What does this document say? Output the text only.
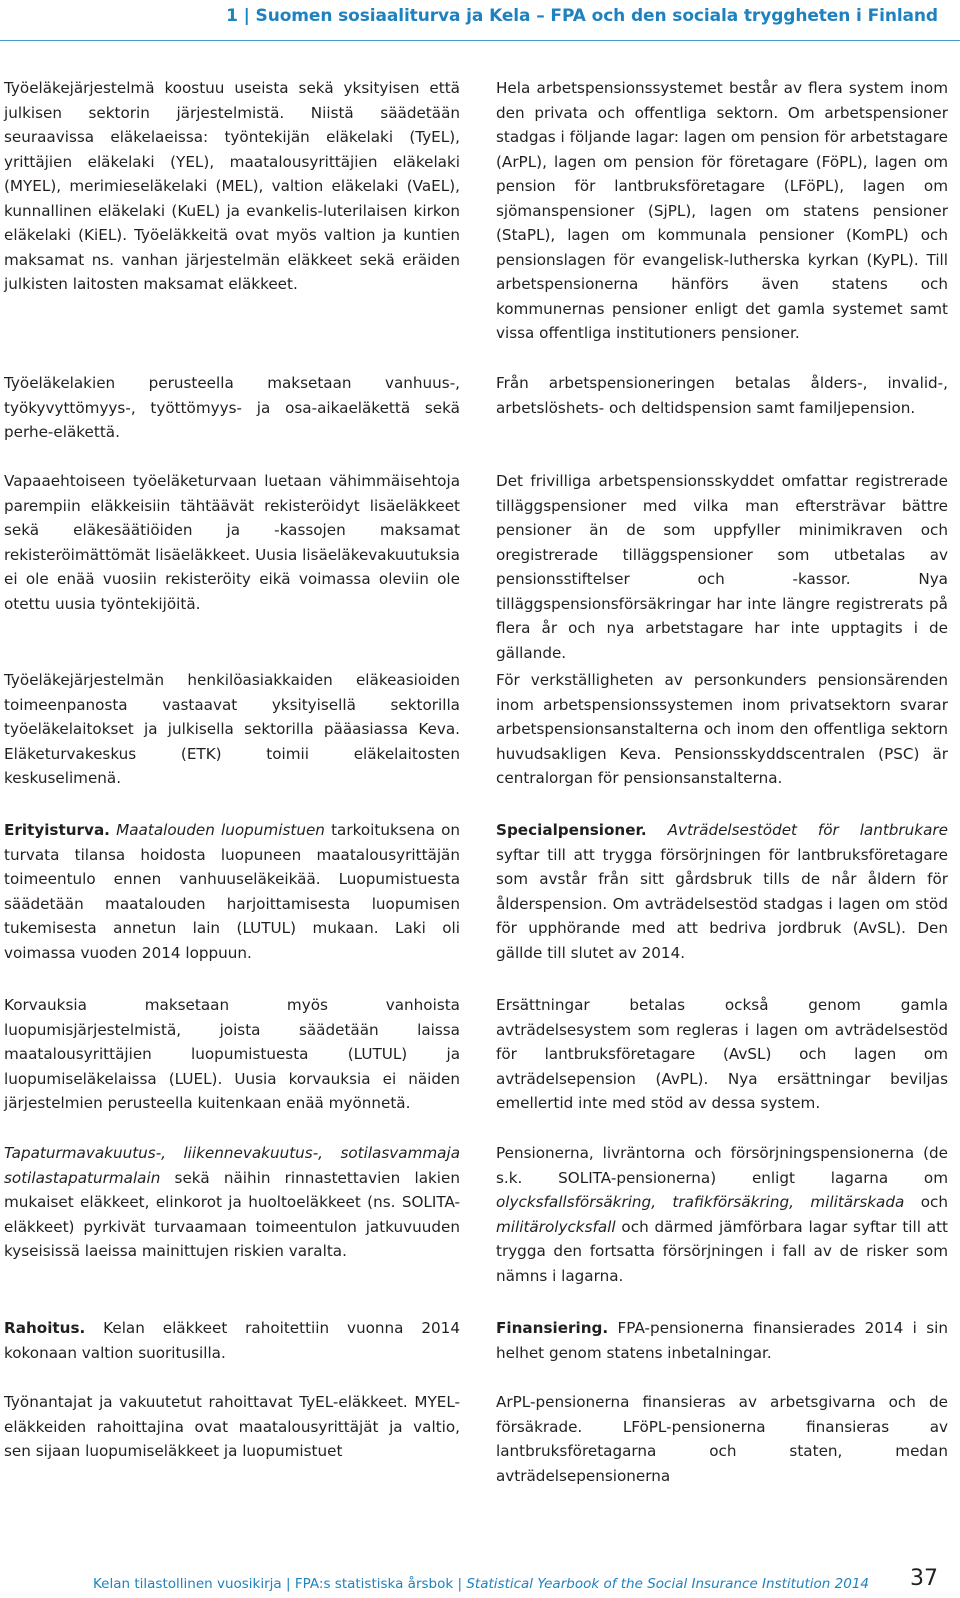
1 | Suomen sosiaaliturva ja Kela – FPA och den sociala tryggheten i Finland
Työeläkejärjestelmä koostuu useista sekä yksityisen että julkisen sektorin järjestelmistä. Niistä säädetään seuraavissa eläkelaeissa: työntekijän eläkelaki (TyEL), yrittäjien eläkelaki (YEL), maatalousyrittäjien eläkelaki (MYEL), merimieseläkelaki (MEL), valtion eläkelaki (VaEL), kunnallinen eläkelaki (KuEL) ja evankelis-luterilaisen kirkon eläkelaki (KiEL). Työeläkkeitä ovat myös valtion ja kuntien maksamat ns. vanhan järjestelmän eläkkeet sekä eräiden julkisten laitosten maksamat eläkkeet.
Työeläkelakien perusteella maksetaan vanhuus-, työkyvyttömyys-, työttömyys- ja osa-aikaeläkettä sekä perhe-eläkettä.
Vapaaehtoiseen työeläketurvaan luetaan vähimmäisehtoja parempiin eläkkeisiin tähtäävät rekisteröidyt lisäeläkkeet sekä eläkesäätiöiden ja -kassojen maksamat rekisteröimättömät lisäeläkkeet. Uusia lisäeläkevakuutuksia ei ole enää vuosiin rekisteröity eikä voimassa oleviin ole otettu uusia työntekijöitä.
Työeläkejärjestelmän henkilöasiakkaiden eläkeasioiden toimeenpanosta vastaavat yksityisellä sektorilla työeläkelaitokset ja julkisella sektorilla pääasiassa Keva. Eläketurvakeskus (ETK) toimii eläkelaitosten keskuselimenä.
Erityisturva. Maatalouden luopumistuen tarkoituksena on turvata tilansa hoidosta luopuneen maatalousyrittäjän toimeentulo ennen vanhuuseläkeikää. Luopumistuesta säädetään maatalouden harjoittamisesta luopumisen tukemisesta annetun lain (LUTUL) mukaan. Laki oli voimassa vuoden 2014 loppuun.
Korvauksia maksetaan myös vanhoista luopumisjärjestelmistä, joista säädetään laissa maatalousyrittäjien luopumistuesta (LUTUL) ja luopumiseläkelaissa (LUEL). Uusia korvauksia ei näiden järjestelmien perusteella kuitenkaan enää myönnetä.
Tapaturmavakuutus-, liikennevakuutus-, sotilasvammaja sotilastapaturmalain sekä näihin rinnastettavien lakien mukaiset eläkkeet, elinkorot ja huoltoeläkkeet (ns. SOLITA-eläkkeet) pyrkivät turvaamaan toimeentulon jatkuvuuden kyseisissä laeissa mainittujen riskien varalta.
Rahoitus. Kelan eläkkeet rahoitettiin vuonna 2014 kokonaan valtion suoritusilla.
Työnantajat ja vakuutetut rahoittavat TyEL-eläkkeet. MYEL-eläkkeiden rahoittajina ovat maatalousyrittäjät ja valtio, sen sijaan luopumiseläkkeet ja luopumistuet
Hela arbetspensionssystemet består av flera system inom den privata och offentliga sektorn. Om arbetspensioner stadgas i följande lagar: lagen om pension för arbetstagare (ArPL), lagen om pension för företagare (FöPL), lagen om pension för lantbruksföretagare (LFöPL), lagen om sjömanspensioner (SjPL), lagen om statens pensioner (StaPL), lagen om kommunala pensioner (KomPL) och pensionslagen för evangelisk-lutherska kyrkan (KyPL). Till arbetspensionerna hänförs även statens och kommunernas pensioner enligt det gamla systemet samt vissa offentliga institutioners pensioner.
Från arbetspensioneringen betalas ålders-, invalid-, arbetslöshets- och deltidspension samt familjepension.
Det frivilliga arbetspensionsskyddet omfattar registrerade tilläggspensioner med vilka man eftersträvar bättre pensioner än de som uppfyller minimikraven och oregistrerade tilläggspensioner som utbetalas av pensionsstiftelser och -kassor. Nya tilläggspensionsförsäkringar har inte längre registrerats på flera år och nya arbetstagare har inte upptagits i de gällande.
För verkställigheten av personkunders pensionsärenden inom arbetspensionssystemen inom privatsektorn svarar arbetspensionsanstalterna och inom den offentliga sektorn huvudsakligen Keva. Pensionsskyddscentralen (PSC) är centralorgan för pensionsanstalterna.
Specialpensioner. Avträdelsestödet för lantbrukare syftar till att trygga försörjningen för lantbruksföretagare som avstår från sitt gårdsbruk tills de når åldern för ålderspension. Om avträdelsestöd stadgas i lagen om stöd för upphörande med att bedriva jordbruk (AvSL). Den gällde till slutet av 2014.
Ersättningar betalas också genom gamla avträdelsesystem som regleras i lagen om avträdelsestöd för lantbruksföretagare (AvSL) och lagen om avträdelsepension (AvPL). Nya ersättningar beviljas emellertid inte med stöd av dessa system.
Pensionerna, livräntorna och försörjningspensionerna (de s.k. SOLITA-pensionerna) enligt lagarna om olycksfallsförsäkring, trafikförsäkring, militärskada och militärolycksfall och därmed jämförbara lagar syftar till att trygga den fortsatta försörjningen i fall av de risker som nämns i lagarna.
Finansiering. FPA-pensionerna finansierades 2014 i sin helhet genom statens inbetalningar.
ArPL-pensionerna finansieras av arbetsgivarna och de försäkrade. LFöPL-pensionerna finansieras av lantbruksföretagarna och staten, medan avträdelsepensionerna
Kelan tilastollinen vuosikirja | FPA:s statistiska årsbok | Statistical Yearbook of the Social Insurance Institution 2014 37
